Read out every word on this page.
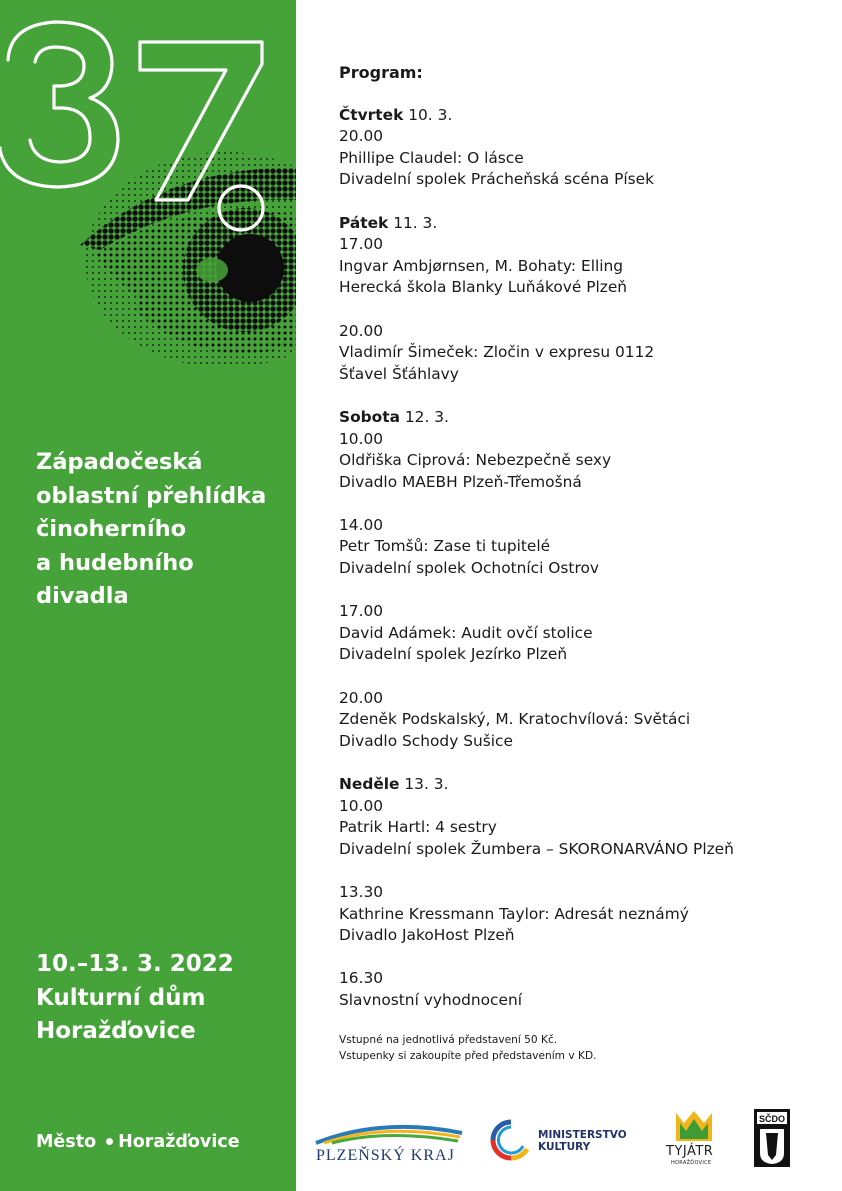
Západočeská
oblastní přehlídka
činoherního
a hudebního
divadla
10.–13. 3. 2022
Kulturní dům
Horažďovice
Město Horažďovice
Program:
Čtvrtek 10. 3.
20.00
Phillipe Claudel: O lásce
Divadelní spolek Prácheňská scéna Písek
Pátek 11. 3.
17.00
Ingvar Ambjørnsen, M. Bohaty: Elling
Herecká škola Blanky Luňákové Plzeň
20.00
Vladimír Šimeček: Zločin v expresu 0112
Šťavel Šťáhlavy
Sobota 12. 3.
10.00
Oldřiška Ciprová: Nebezpečně sexy
Divadlo MAEBH Plzeň-Třemošná
14.00
Petr Tomšů: Zase ti tupitelé
Divadelní spolek Ochotníci Ostrov
17.00
David Adámek: Audit ovčí stolice
Divadelní spolek Jezírko Plzeň
20.00
Zdeněk Podskalský, M. Kratochvílová: Světáci
Divadlo Schody Sušice
Neděle 13. 3.
10.00
Patrik Hartl: 4 sestry
Divadelní spolek Žumbera – SKORONARVÁNO Plzeň
13.30
Kathrine Kressmann Taylor: Adresát neznámý
Divadlo JakoHost Plzeň
16.30
Slavnostní vyhodnocení
Vstupné na jednotlivá představení 50 Kč.
Vstupenky si zakoupíte před představením v KD.
PLZEŇSKÝ KRAJ
MINISTERSTVO
KULTURY	TYJÁTR
HORAŽĎOVICE
SČDO
